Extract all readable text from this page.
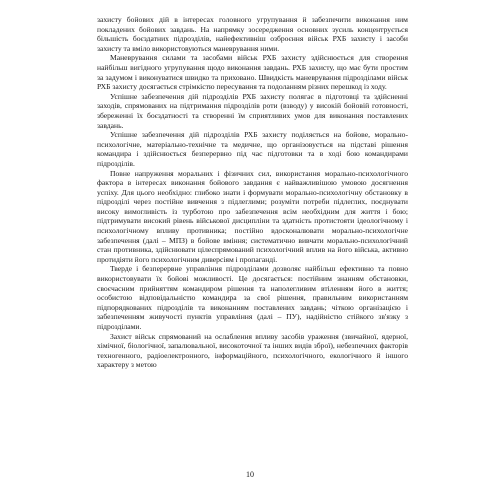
захисту бойових дій в інтересах головного угрупування й забезпечити виконання ним покладених бойових завдань. На напрямку зосередження основних зусиль концентрується більшість боєздатних підрозділів, найефективніш озброєння військ РХБ захисту і засоби захисту та вміло використовуються маневрування ними.

Маневрування силами та засобами військ РХБ захисту здійснюється для створення найбільш вигідного угрупування щодо виконання завдань. РХБ захисту, що має бути простим за задумом і виконуватися швидко та приховано. Швидкість маневрування підрозділами військ РХБ захисту досягається стрімкістю пересування та подоланням різних перешкод із ходу.

Успішне забезпечення дій підрозділів РХБ захисту полягає в підготовці та здійсненні заходів, спрямованих на підтримання підрозділів роти (взводу) у високій бойовій готовності, збереженні їх боєздатності та створенні їм сприятливих умов для виконання поставлених завдань.

Успішне забезпечення дій підрозділів РХБ захисту поділяється на бойове, морально-психологічне, матеріально-технічне та медичне, що організовується на підставі рішення командира і здійснюється безперервно під час підготовки та в ході бою командирами підрозділів.

Повне напруження моральних і фізичних сил, використання морально-психологічного фактора в інтересах виконання бойового завдання є найважливішою умовою досягнення успіху. Для цього необхідно: глибоко знати і формувати морально-психологічну обстановку в підрозділі через постійне вивчення з підлеглими; розуміти потреби підлеглих, поєднувати високу вимогливість із турботою про забезпечення всім необхідним для життя і бою; підтримувати високий рівень військової дисципліни та здатність протистояти ідеологічному і психологічному впливу противника; постійно вдосконалювати морально-психологічне забезпечення (далі – МПЗ) в бойове вміння; систематично вивчати морально-психологічний стан противника, здійснювати цілеспрямований психологічний вплив на його війська, активно протидіяти його психологічним диверсіям і пропаганді.

Тверде і безперервне управління підрозділами дозволяє найбільш ефективно та повно використовувати їх бойові можливості. Це досягається: постійним знанням обстановки, своєчасним прийняттям командиром рішення та наполегливим втіленням його в життя; особистою відповідальністю командира за свої рішення, правильним використанням підпорядкованих підрозділів та виконанням поставлених завдань; чіткою організацією і забезпеченням живучості пунктів управління (далі – ПУ), надійністю стійкого зв'язку з підрозділами.

Захист військ спрямований на ослаблення впливу засобів ураження (звичайної, ядерної, хімічної, біологічної, запалювальної, високоточної та інших видів зброї), небезпечних факторів техногенного, радіоелектронного, інформаційного, психологічного, екологічного й іншого характеру з метою

10
